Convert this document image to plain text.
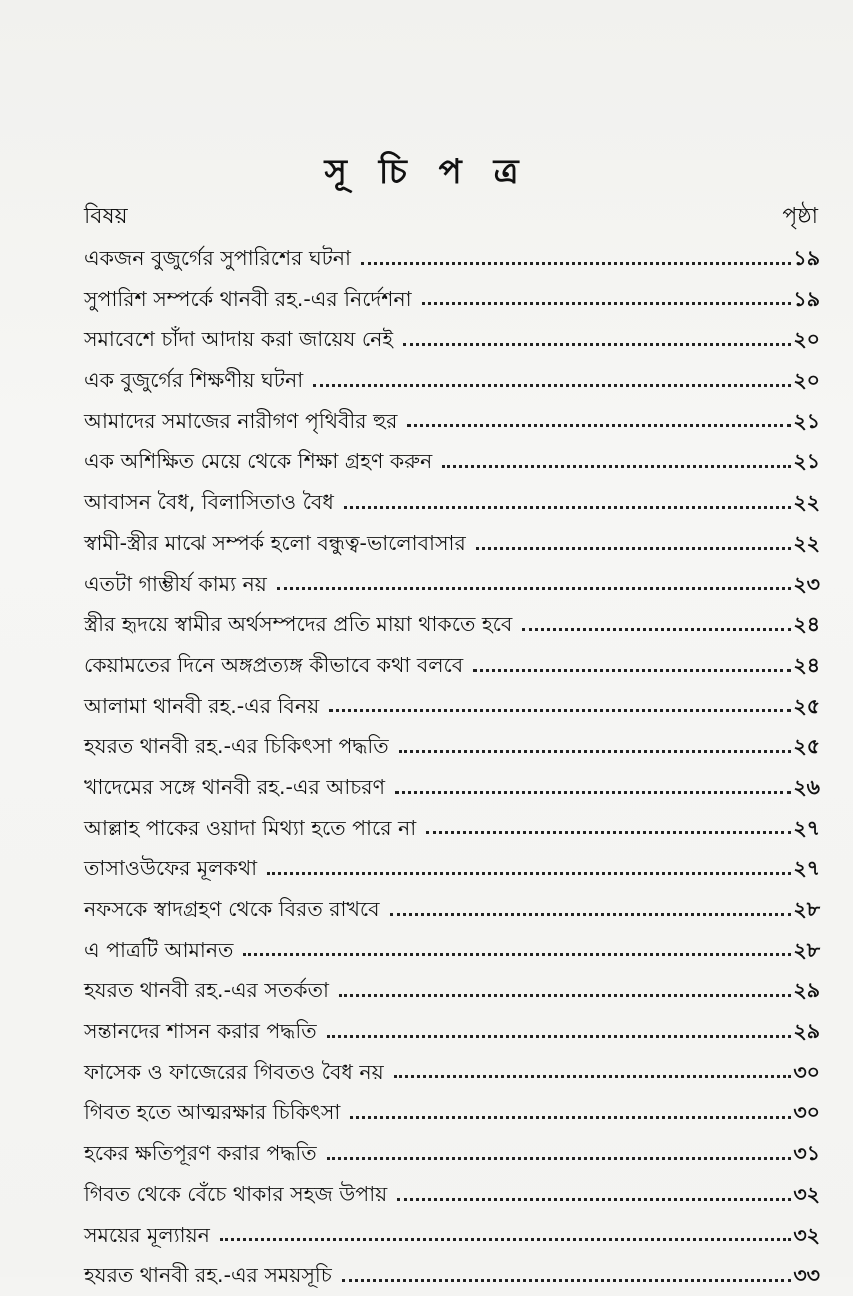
সূ চি প ত্র
বিষয়	পৃষ্ঠা
একজন বুজুর্গের সুপারিশের ঘটনা	১৯
সুপারিশ সম্পর্কে থানবী রহ.-এর নির্দেশনা	১৯
সমাবেশে চাঁদা আদায় করা জায়েয নেই	২০
এক বুজুর্গের শিক্ষণীয় ঘটনা	২০
আমাদের সমাজের নারীগণ পৃথিবীর হুর	২১
এক অশিক্ষিত মেয়ে থেকে শিক্ষা গ্রহণ করুন	২১
আবাসন বৈধ, বিলাসিতাও বৈধ	২২
স্বামী-স্ত্রীর মাঝে সম্পর্ক হলো বন্ধুত্ব-ভালোবাসার	২২
এতটা গাম্ভীর্য কাম্য নয়	২৩
স্ত্রীর হৃদয়ে স্বামীর অর্থসম্পদের প্রতি মায়া থাকতে হবে	২৪
কেয়ামতের দিনে অঙ্গপ্রত্যঙ্গ কীভাবে কথা বলবে	২৪
আলামা থানবী রহ.-এর বিনয়	২৫
হযরত থানবী রহ.-এর চিকিৎসা পদ্ধতি	২৫
খাদেমের সঙ্গে থানবী রহ.-এর আচরণ	২৬
আল্লাহ পাকের ওয়াদা মিথ্যা হতে পারে না	২৭
তাসাওউফের মূলকথা	২৭
নফসকে স্বাদগ্রহণ থেকে বিরত রাখবে	২৮
এ পাত্রটি আমানত	২৮
হযরত থানবী রহ.-এর সতর্কতা	২৯
সন্তানদের শাসন করার পদ্ধতি	২৯
ফাসেক ও ফাজেরের গিবতও বৈধ নয়	৩০
গিবত হতে আত্মরক্ষার চিকিৎসা	৩০
হকের ক্ষতিপূরণ করার পদ্ধতি	৩১
গিবত থেকে বেঁচে থাকার সহজ উপায়	৩২
সময়ের মূল্যায়ন	৩২
হযরত থানবী রহ.-এর সময়সূচি	৩৩
